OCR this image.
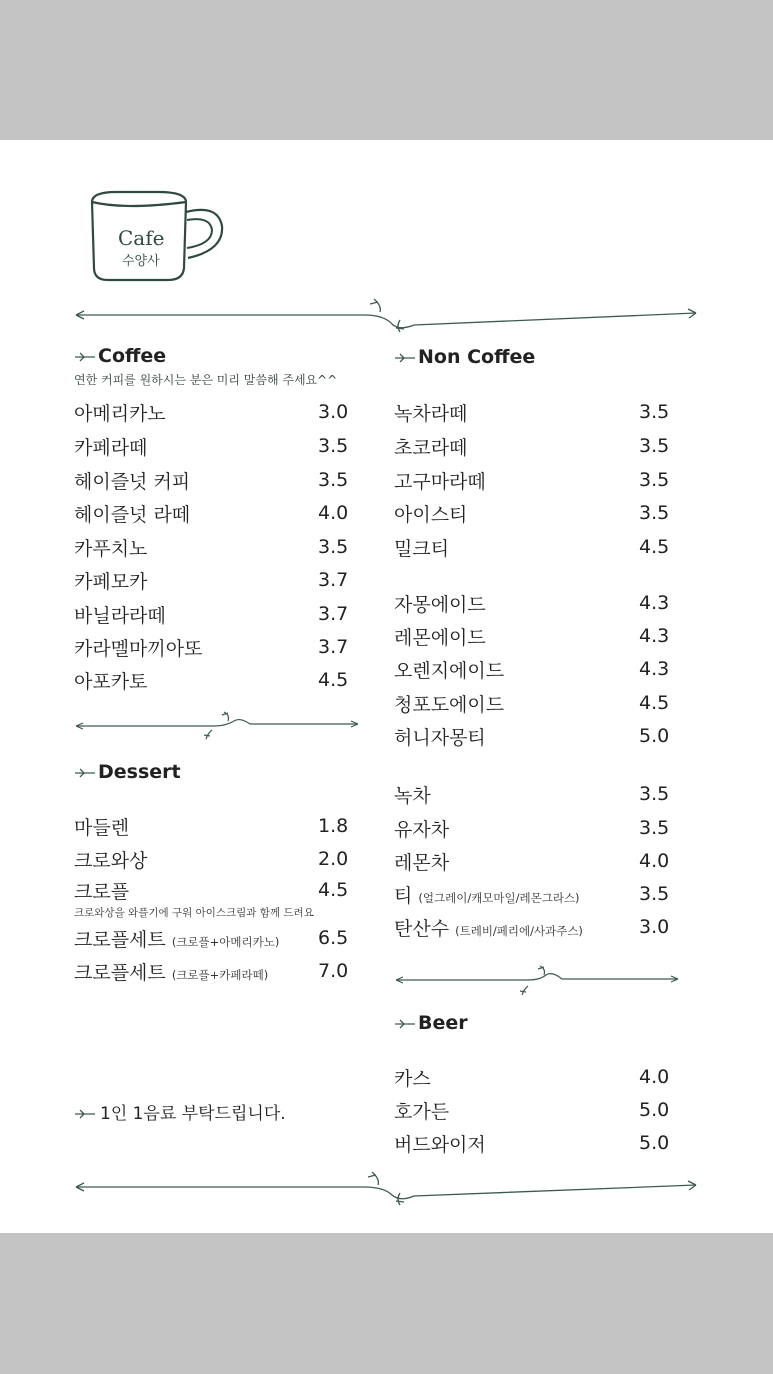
Cafe
수양사
Coffee
연한 커피를 원하시는 분은 미리 말씀해 주세요^^
아메리카노	3.0
카페라떼	3.5
헤이즐넛 커피	3.5
헤이즐넛 라떼	4.0
카푸치노	3.5
카페모카	3.7
바닐라라떼	3.7
카라멜마끼아또	3.7
아포카토	4.5
Dessert
마들렌	1.8
크로와상	2.0
크로플	4.5
크로와상을 와플기에 구워 아이스크림과 함께 드려요
크로플세트 (크로플+아메리카노) 6.5
크로플세트 (크로플+카페라떼)	7.0
1인 1음료 부탁드립니다.
Non Coffee
녹차라떼	3.5
초코라떼	3.5
고구마라떼	3.5
아이스티	3.5
밀크티	4.5
자몽에이드	4.3
레몬에이드	4.3
오렌지에이드	4.3
청포도에이드	4.5
허니자몽티	5.0
녹차	3.5
유자차	3.5
레몬차	4.0
티 (얼그레이/캐모마일/레몬그라스)	3.5
탄산수 (트레비/페리에/사과주스)	3.0
Beer
카스	4.0
호가든	5.0
버드와이저	5.0
